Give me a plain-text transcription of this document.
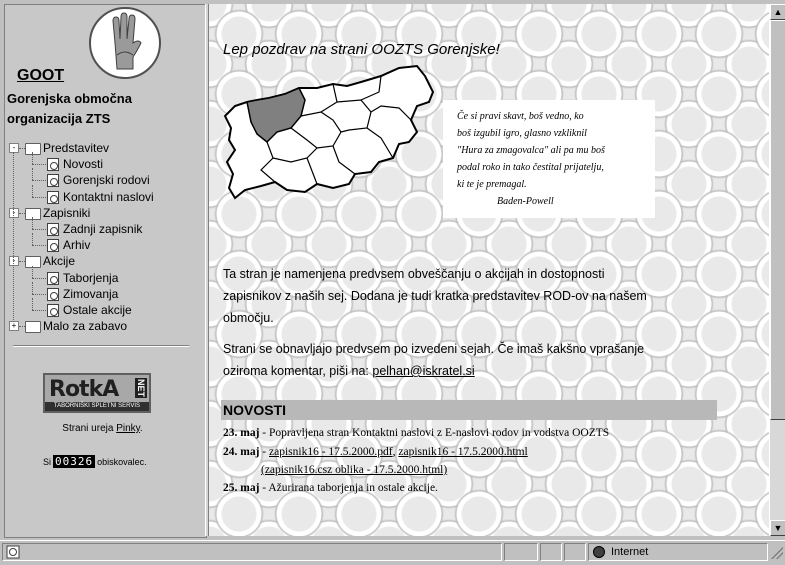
GOOT
Gorenjska območna organizacija ZTS
-	Predstavitev
Novosti
Gorenjski rodovi
Kontaktni naslovi
-	Zapisniki
Zadnji zapisnik
Arhiv
-	Akcije
Taborjenja
Zimovanja
Ostale akcije
+ Malo za zabavo
RotkA NET
TABORNIŠKI SPLETNI SERVIS
Strani ureja Pinky.
Si 00326 obiskovalec.
Lep pozdrav na strani OOZTS Gorenjske!
Če si pravi skavt, boš vedno, ko
boš izgubil igro, glasno vzkliknil
"Hura za zmagovalca" ali pa mu boš
podal roko in tako čestital prijatelju,
ki te je premagal.
Baden-Powell
Ta stran je namenjena predvsem obveščanju o akcijah in dostopnosti zapisnikov z naših sej. Dodana je tudi kratka predstavitev ROD-ov na našem območju.
Strani se obnavljajo predvsem po izvedeni sejah. Če imaš kakšno vprašanje oziroma komentar, piši na: pelhan@iskratel.si
NOVOSTI
23. maj - Popravljena stran Kontaktni naslovi z E-naslovi rodov in vodstva OOZTS
24. maj - zapisnik16 - 17.5.2000.pdf, zapisnik16 - 17.5.2000.html
(zapisnik16.csz oblika - 17.5.2000.html)
25. maj - Ažurirana taborjenja in ostale akcije.
▲
▼
Internet
